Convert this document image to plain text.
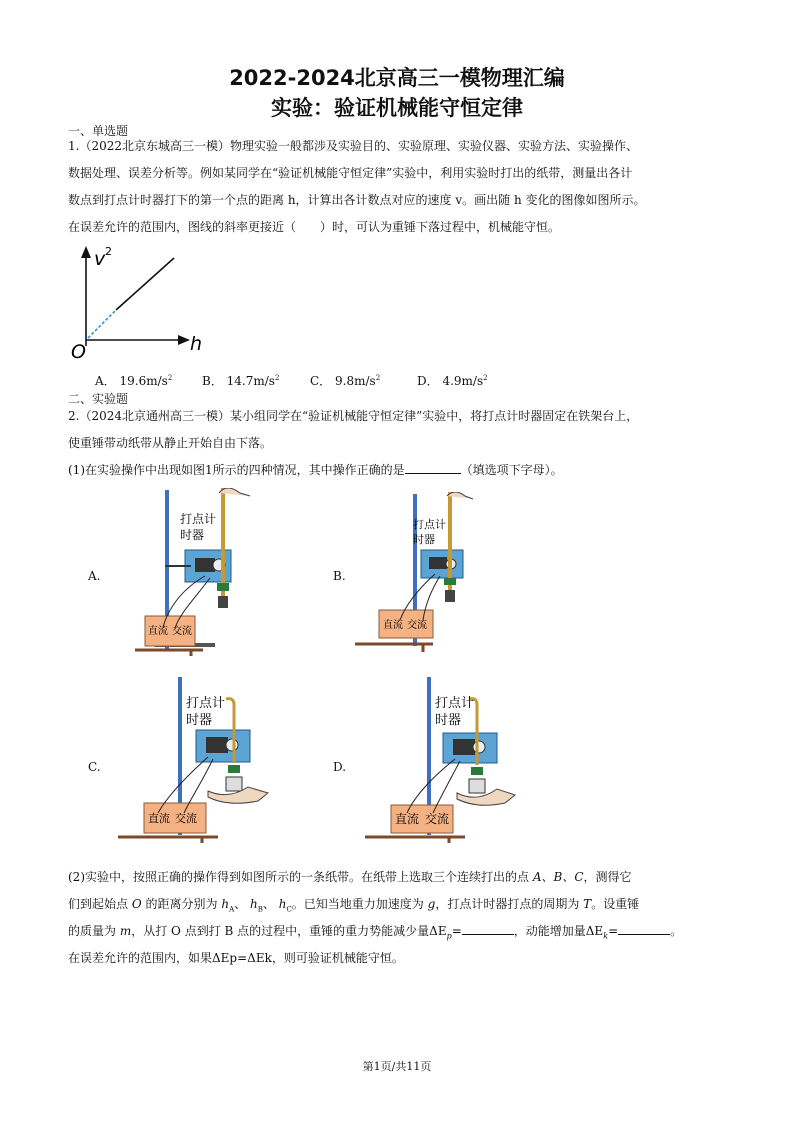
2022-2024北京高三一模物理汇编
实验：验证机械能守恒定律
一、单选题
1.（2022北京东城高三一模）物理实验一般都涉及实验目的、实验原理、实验仪器、实验方法、实验操作、
数据处理、误差分析等。例如某同学在“验证机械能守恒定律”实验中，利用实验时打出的纸带，测量出各计
数点到打点计时器打下的第一个点的距离 h，计算出各计数点对应的速度 v。画出随 h 变化的图像如图所示。
在误差允许的范围内，图线的斜率更接近（　　）时，可认为重锤下落过程中，机械能守恒。
v 2
h
O
A． $19.6m/s^2$ B． $14.7m/s^2$	C． $9.8m/s^2$	D． $4.9m/s^2$
二、实验题
2.（2024北京通州高三一模）某小组同学在“验证机械能守恒定律”实验中，将打点计时器固定在铁架台上，
使重锤带动纸带从静止开始自由下落。
(1)在实验操作中出现如图1所示的四种情况，其中操作正确的是	（填选项下字母）。
A.
直流 交流
打点计
时器
B.
直流 交流
打点计
时器
C.
直流 交流
打点计
时器
D.
直流 交流
打点计
时器
(2)实验中，按照正确的操作得到如图所示的一条纸带。在纸带上选取三个连续打出的点 A、B、C，测得它
们到起始点 O 的距离分别为 $h_A$、 $h_B$、 $h_C$。已知当地重力加速度为 g，打点计时器打点的周期为 T。设重锤
的质量为 m，从打 O 点到打 B 点的过程中，重锤的重力势能减少量$\Delta E_p=$	，动能增加量$\Delta E_k=$	。
在误差允许的范围内，如果ΔEp=ΔEk，则可验证机械能守恒。
第1页/共11页
